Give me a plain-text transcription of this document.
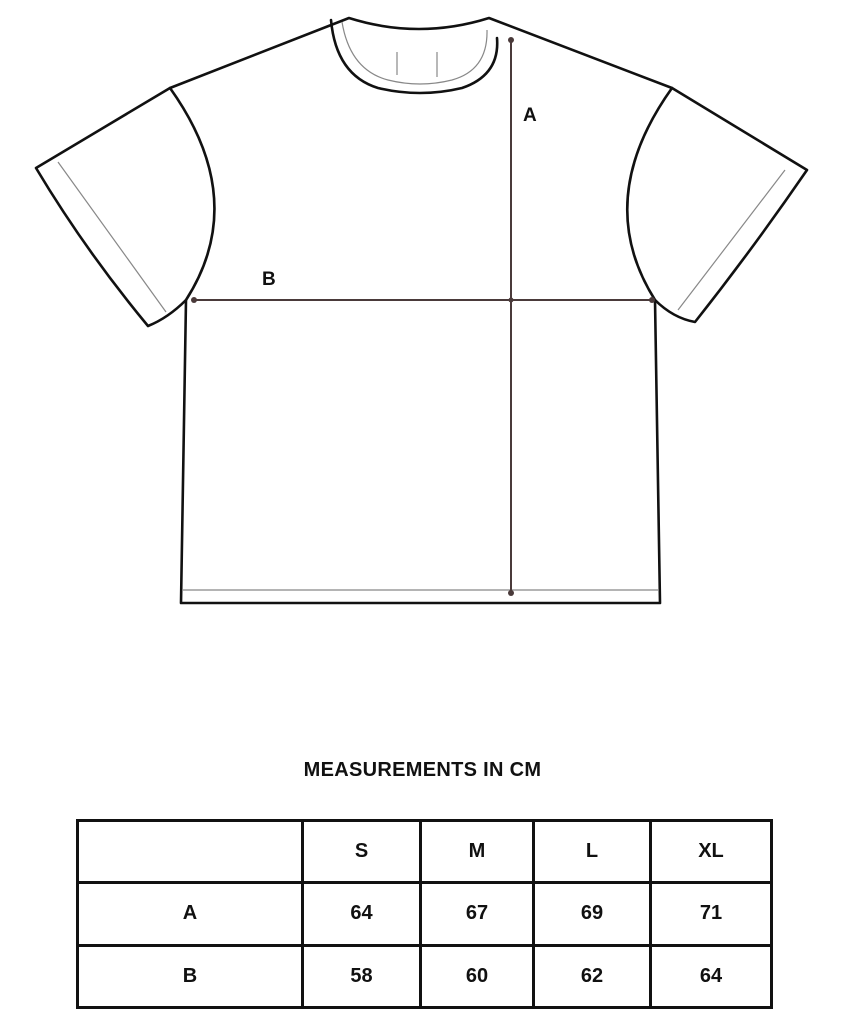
A
B
MEASUREMENTS IN CM
	S	M	L	XL
A	64	67	69	71
B	58	60	62	64
